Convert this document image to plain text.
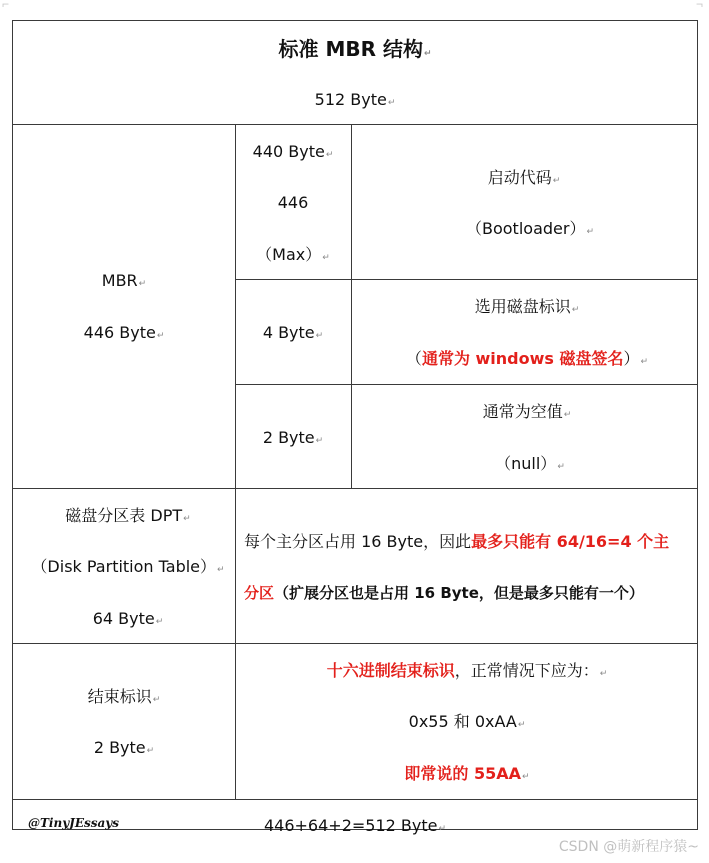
⌐	¬
标准 MBR 结构↵
512 Byte↵
MBR↵
446 Byte↵
440 Byte↵
446
（Max）↵
启动代码↵
（Bootloader）↵
4 Byte↵
选用磁盘标识↵
（通常为 windows 磁盘签名）↵
2 Byte↵
通常为空值↵
（null）↵
磁盘分区表 DPT↵
（Disk Partition Table）↵
64 Byte↵
每个主分区占用 16 Byte，因此最多只能有 64/16=4 个主
分区（扩展分区也是占用 16 Byte，但是最多只能有一个）
结束标识↵
2 Byte↵
十六进制结束标识，正常情况下应为：↵
0x55 和 0xAA↵
即常说的 55AA↵
@TinyJEssays	446+64+2=512 Byte↵
CSDN @萌新程序猿~
